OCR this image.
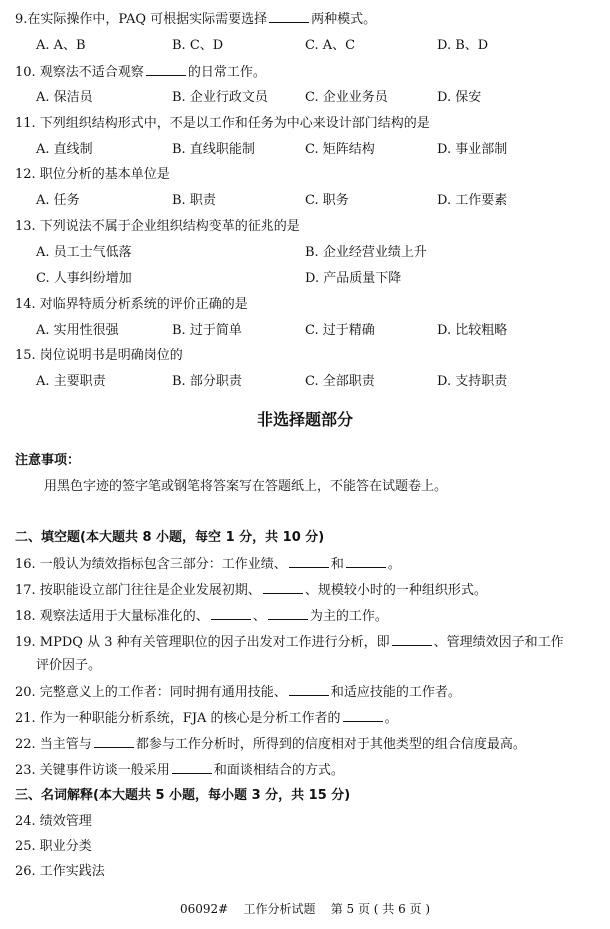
9.在实际操作中，PAQ 可根据实际需要选择	两种模式。
A. A、B	B. C、D	C. A、C	D. B、D
10. 观察法不适合观察	的日常工作。
A. 保洁员	B. 企业行政文员	C. 企业业务员	D. 保安
11. 下列组织结构形式中，不是以工作和任务为中心来设计部门结构的是
A. 直线制	B. 直线职能制	C. 矩阵结构	D. 事业部制
12. 职位分析的基本单位是
A. 任务	B. 职责	C. 职务	D. 工作要素
13. 下列说法不属于企业组织结构变革的征兆的是
A. 员工士气低落	B. 企业经营业绩上升
C. 人事纠纷增加	D. 产品质量下降
14. 对临界特质分析系统的评价正确的是
A. 实用性很强	B. 过于简单	C. 过于精确	D. 比较粗略
15. 岗位说明书是明确岗位的
A. 主要职责	B. 部分职责	C. 全部职责	D. 支持职责
非选择题部分
注意事项：
用黑色字迹的签字笔或钢笔将答案写在答题纸上，不能答在试题卷上。
二、填空题(本大题共 8 小题，每空 1 分，共 10 分)
16. 一般认为绩效指标包含三部分：工作业绩、	和	。
17. 按职能设立部门往往是企业发展初期、	、规模较小时的一种组织形式。
18. 观察法适用于大量标准化的、	、	为主的工作。
19. MPDQ 从 3 种有关管理职位的因子出发对工作进行分析，即	、管理绩效因子和工作
评价因子。
20. 完整意义上的工作者：同时拥有通用技能、	和适应技能的工作者。
21. 作为一种职能分析系统，FJA 的核心是分析工作者的	。
22. 当主管与	都参与工作分析时，所得到的信度相对于其他类型的组合信度最高。
23. 关键事件访谈一般采用	和面谈相结合的方式。
三、名词解释(本大题共 5 小题，每小题 3 分，共 15 分)
24. 绩效管理
25. 职业分类
26. 工作实践法
06092#    工作分析试题    第 5 页 ( 共 6 页 )
